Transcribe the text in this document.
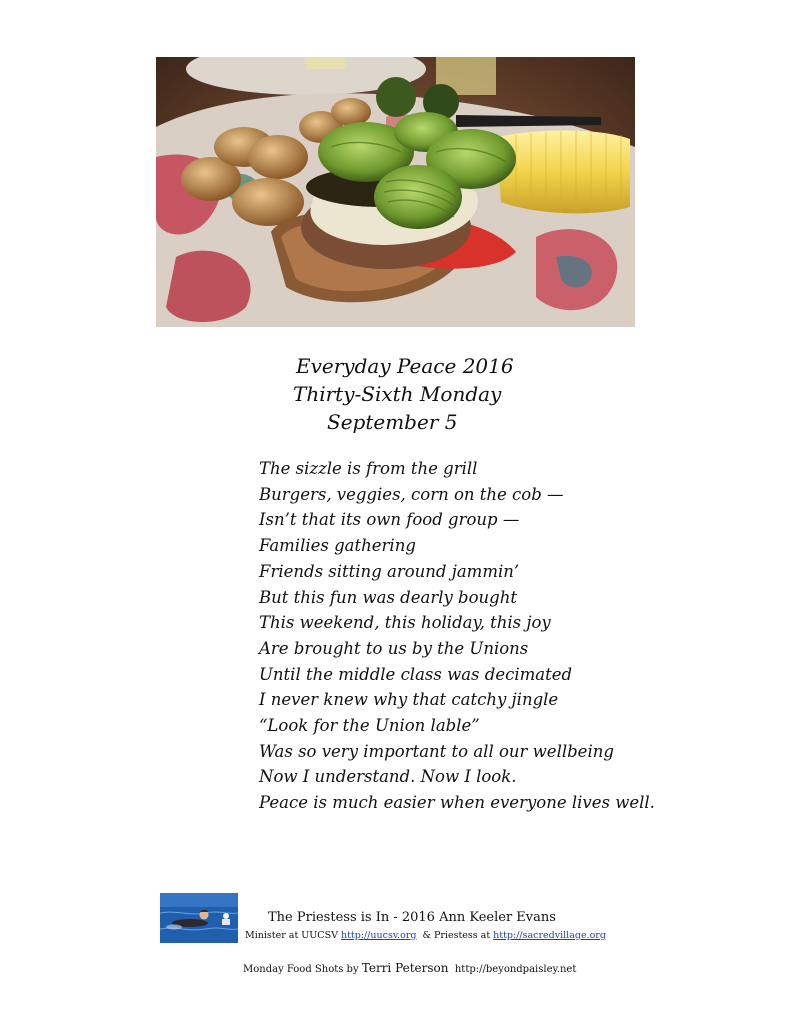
Everyday Peace 2016
Thirty-Sixth Monday
September 5
The sizzle is from the grill
Burgers, veggies, corn on the cob —
Isn’t that its own food group —
Families gathering
Friends sitting around jammin’
But this fun was dearly bought
This weekend, this holiday, this joy
Are brought to us by the Unions
Until the middle class was decimated
I never knew why that catchy jingle
“Look for the Union lable”
Was so very important to all our wellbeing
Now I understand. Now I look.
Peace is much easier when everyone lives well.
The Priestess is In - 2016 Ann Keeler Evans
Minister at UUCSV http://uucsv.org  & Priestess at http://sacredvillage.org
Monday Food Shots by Terri Peterson  http://beyondpaisley.net
